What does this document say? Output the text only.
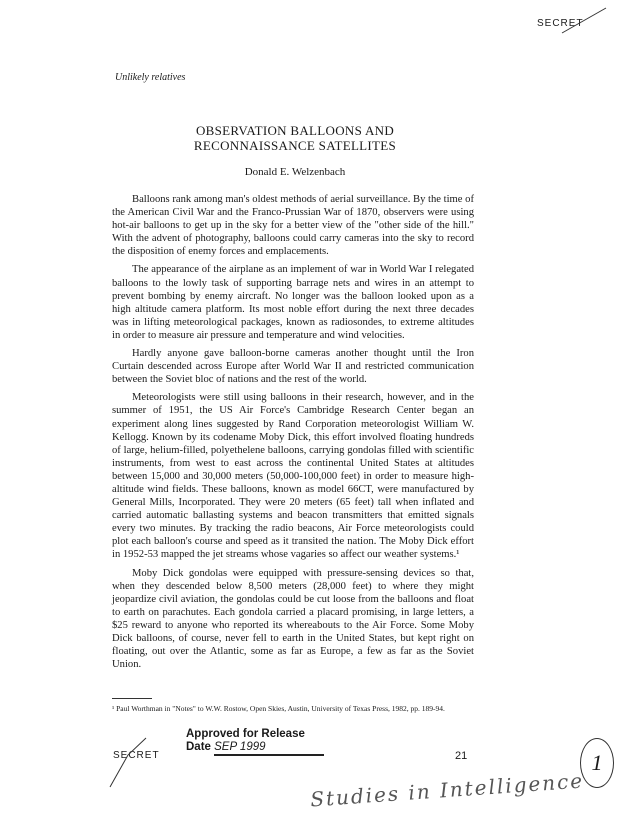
SECRET
Unlikely relatives
OBSERVATION BALLOONS AND
RECONNAISSANCE SATELLITES
Donald E. Welzenbach

Balloons rank among man's oldest methods of aerial surveillance. By the time of the American Civil War and the Franco-Prussian War of 1870, observers were using hot-air balloons to get up in the sky for a better view of the "other side of the hill." With the advent of photography, balloons could carry cameras into the sky to record the disposition of enemy forces and emplacements.

The appearance of the airplane as an implement of war in World War I relegated balloons to the lowly task of supporting barrage nets and wires in an attempt to prevent bombing by enemy aircraft. No longer was the balloon looked upon as a high altitude camera platform. Its most noble effort during the next three decades was in lifting meteorological packages, known as radiosondes, to extreme altitudes in order to measure air pressure and temperature and wind velocities.

Hardly anyone gave balloon-borne cameras another thought until the Iron Curtain descended across Europe after World War II and restricted communication between the Soviet bloc of nations and the rest of the world.

Meteorologists were still using balloons in their research, however, and in the summer of 1951, the US Air Force's Cambridge Research Center began an experiment along lines suggested by Rand Corporation meteorologist William W. Kellogg. Known by its codename Moby Dick, this effort involved floating hundreds of large, helium-filled, polyethelene balloons, carrying gondolas filled with scientific instruments, from west to east across the continental United States at altitudes between 15,000 and 30,000 meters (50,000-100,000 feet) in order to measure high-altitude wind fields. These balloons, known as model 66CT, were manufactured by General Mills, Incorporated. They were 20 meters (65 feet) tall when inflated and carried automatic ballasting systems and beacon transmitters that emitted signals every two minutes. By tracking the radio beacons, Air Force meteorologists could plot each balloon's course and speed as it transited the nation. The Moby Dick effort in 1952-53 mapped the jet streams whose vagaries so affect our weather systems.¹

Moby Dick gondolas were equipped with pressure-sensing devices so that, when they descended below 8,500 meters (28,000 feet) to where they might jeopardize civil aviation, the gondolas could be cut loose from the balloons and float to earth on parachutes. Each gondola carried a placard promising, in large letters, a $25 reward to anyone who reported its whereabouts to the Air Force. Some Moby Dick balloons, of course, never fell to earth in the United States, but kept right on floating, out over the Atlantic, some as far as Europe, a few as far as the Soviet Union.

¹ Paul Worthman in "Notes" to W.W. Rostow, Open Skies, Austin, University of Texas Press, 1982, pp. 189-94.
Approved for Release
Date SEP 1999
SECRET	21
Studies in Intelligence
1
